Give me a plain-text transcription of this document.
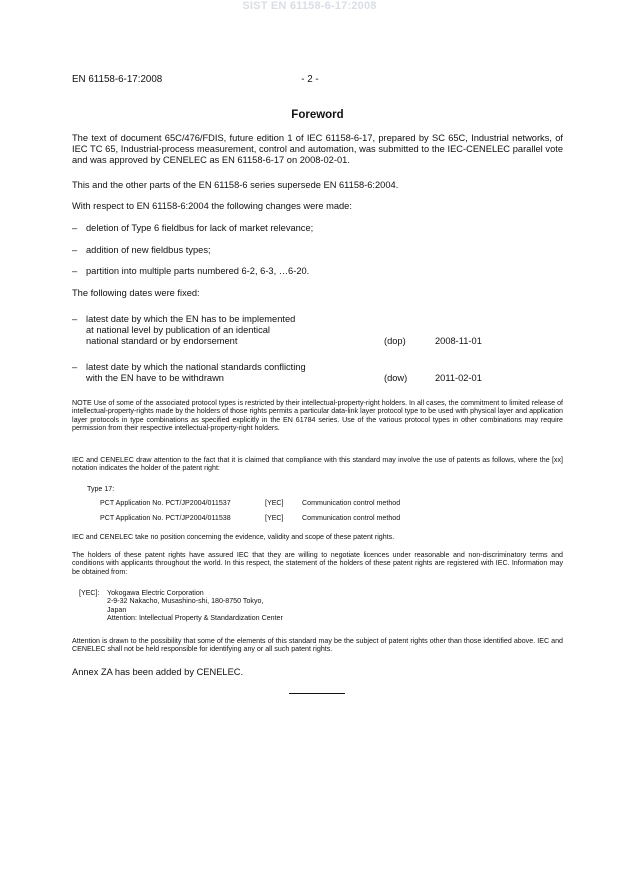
SIST EN 61158-6-17:2008
EN 61158-6-17:2008	- 2 -
Foreword

The text of document 65C/476/FDIS, future edition 1 of IEC 61158-6-17, prepared by SC 65C, Industrial networks, of IEC TC 65, Industrial-process measurement, control and automation, was submitted to the IEC-CENELEC parallel vote and was approved by CENELEC as EN 61158-6-17 on 2008-02-01.

This and the other parts of the EN 61158-6 series supersede EN 61158-6:2004.

With respect to EN 61158-6:2004 the following changes were made:

– deletion of Type 6 fieldbus for lack of market relevance;
– addition of new fieldbus types;
– partition into multiple parts numbered 6-2, 6-3, …6-20.

The following dates were fixed:

– latest date by which the EN has to be implemented
at national level by publication of an identical
national standard or by endorsement	(dop)	2008-11-01
– latest date by which the national standards conflicting
with the EN have to be withdrawn	(dow)	2011-02-01

NOTE Use of some of the associated protocol types is restricted by their intellectual-property-right holders. In all cases, the commitment to limited release of intellectual-property-rights made by the holders of those rights permits a particular data-link layer protocol type to be used with physical layer and application layer protocols in type combinations as specified explicitly in the EN 61784 series. Use of the various protocol types in other combinations may require permission from their respective intellectual-property-right holders.

IEC and CENELEC draw attention to the fact that it is claimed that compliance with this standard may involve the use of patents as follows, where the [xx] notation indicates the holder of the patent right:

Type 17:
PCT Application No. PCT/JP2004/011537	[YEC]	Communication control method
PCT Application No. PCT/JP2004/011538	[YEC]	Communication control method

IEC and CENELEC take no position concerning the evidence, validity and scope of these patent rights.

The holders of these patent rights have assured IEC that they are willing to negotiate licences under reasonable and non-discriminatory terms and conditions with applicants throughout the world. In this respect, the statement of the holders of these patent rights are registered with IEC. Information may be obtained from:

[YEC]: Yokogawa Electric Corporation
2-9-32 Nakacho, Musashino-shi, 180-8750 Tokyo,
Japan
Attention: Intellectual Property & Standardization Center

Attention is drawn to the possibility that some of the elements of this standard may be the subject of patent rights other than those identified above. IEC and CENELEC shall not be held responsible for identifying any or all such patent rights.

Annex ZA has been added by CENELEC.
